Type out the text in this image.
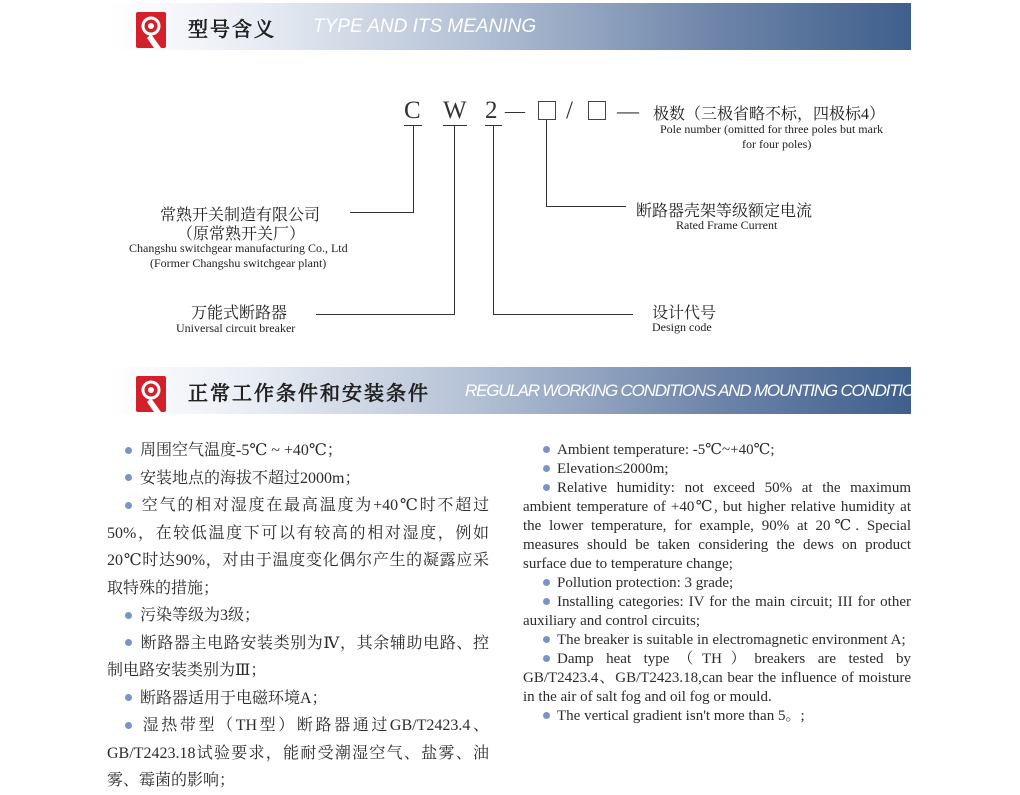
型号含义 TYPE AND ITS MEANING
C W 2 — / — 极数（三极省略不标，四极标4）
Pole number (omitted for three poles but mark
for four poles)
断路器壳架等级额定电流
Rated Frame Current
常熟开关制造有限公司
（原常熟开关厂）
Changshu switchgear manufacturing Co., Ltd
(Former Changshu switchgear plant)
万能式断路器
Universal circuit breaker
设计代号
Design code
正常工作条件和安装条件 REGULAR WORKING CONDITIONS AND MOUNTING CONDITIONS

周围空气温度-5℃ ~ +40℃；

安装地点的海拔不超过2000m；

空气的相对湿度在最高温度为+40℃时不超过50%，在较低温度下可以有较高的相对湿度，例如20℃时达90%，对由于温度变化偶尔产生的凝露应采取特殊的措施；

污染等级为3级；

断路器主电路安装类别为Ⅳ，其余辅助电路、控制电路安装类别为Ⅲ；

断路器适用于电磁环境A；

湿热带型（TH型）断路器通过GB/T2423.4、GB/T2423.18试验要求，能耐受潮湿空气、盐雾、油雾、霉菌的影响；

Ambient temperature: -5℃~+40℃;

Elevation≤2000m;

Relative humidity: not exceed 50% at the maximum ambient temperature of +40℃, but higher relative humidity at the lower temperature, for example, 90% at 20℃. Special measures should be taken considering the dews on product surface due to temperature change;

Pollution protection: 3 grade;

Installing categories: IV for the main circuit; III for other auxiliary and control circuits;

The breaker is suitable in electromagnetic environment A;

Damp heat type（TH）breakers are tested by GB/T2423.4、GB/T2423.18,can bear the influence of moisture in the air of salt fog and oil fog or mould.

The vertical gradient isn't more than 5。;
